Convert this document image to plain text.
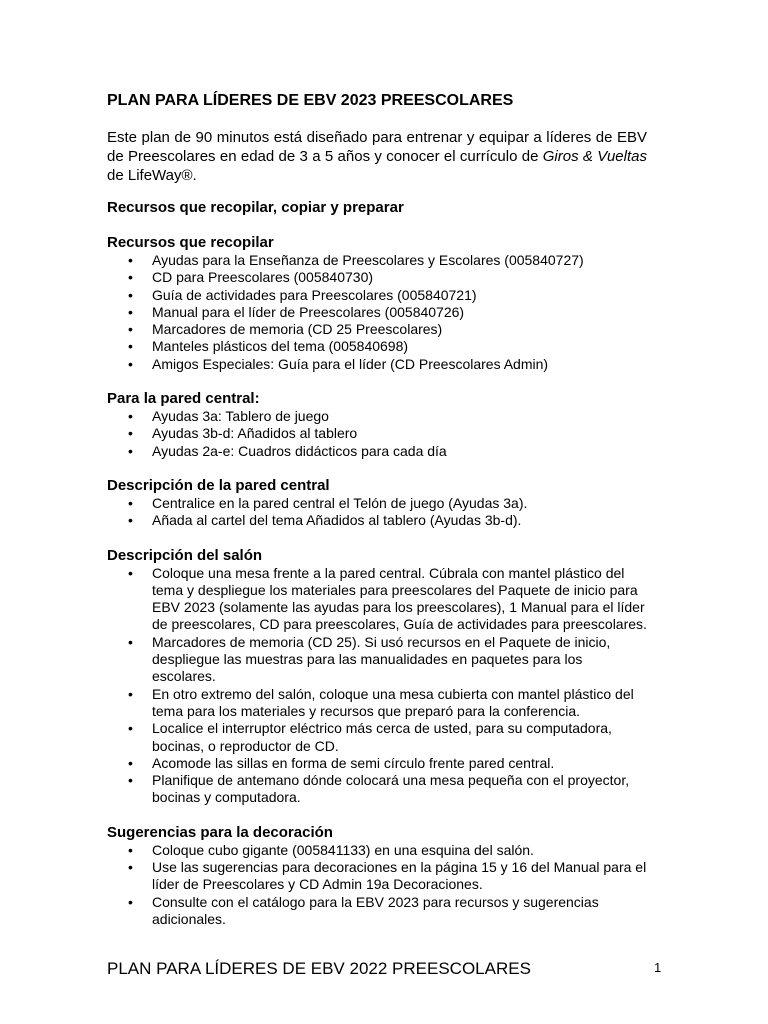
PLAN PARA LÍDERES DE EBV 2023 PREESCOLARES

Este plan de 90 minutos está diseñado para entrenar y equipar a líderes de EBV de Preescolares en edad de 3 a 5 años y conocer el currículo de Giros & Vueltas de LifeWay®.

Recursos que recopilar, copiar y preparar
Recursos que recopilar
• Ayudas para la Enseñanza de Preescolares y Escolares (005840727)
• CD para Preescolares (005840730)
• Guía de actividades para Preescolares (005840721)
• Manual para el líder de Preescolares (005840726)
• Marcadores de memoria (CD 25 Preescolares)
• Manteles plásticos del tema (005840698)
• Amigos Especiales: Guía para el líder (CD Preescolares Admin)
Para la pared central:
• Ayudas 3a: Tablero de juego
• Ayudas 3b-d: Añadidos al tablero
• Ayudas 2a-e: Cuadros didácticos para cada día
Descripción de la pared central
• Centralice en la pared central el Telón de juego (Ayudas 3a).
• Añada al cartel del tema Añadidos al tablero (Ayudas 3b-d).
Descripción del salón
• Coloque una mesa frente a la pared central. Cúbrala con mantel plástico del tema y despliegue los materiales para preescolares del Paquete de inicio para EBV 2023 (solamente las ayudas para los preescolares), 1 Manual para el líder de preescolares, CD para preescolares, Guía de actividades para preescolares.
• Marcadores de memoria (CD 25). Si usó recursos en el Paquete de inicio, despliegue las muestras para las manualidades en paquetes para los escolares.
• En otro extremo del salón, coloque una mesa cubierta con mantel plástico del tema para los materiales y recursos que preparó para la conferencia.
• Localice el interruptor eléctrico más cerca de usted, para su computadora, bocinas, o reproductor de CD.
• Acomode las sillas en forma de semi círculo frente pared central.
• Planifique de antemano dónde colocará una mesa pequeña con el proyector, bocinas y computadora.
Sugerencias para la decoración
• Coloque cubo gigante (005841133) en una esquina del salón.
• Use las sugerencias para decoraciones en la página 15 y 16 del Manual para el líder de Preescolares y CD Admin 19a Decoraciones.
• Consulte con el catálogo para la EBV 2023 para recursos y sugerencias adicionales.
PLAN PARA LÍDERES DE EBV 2022 PREESCOLARES	1
